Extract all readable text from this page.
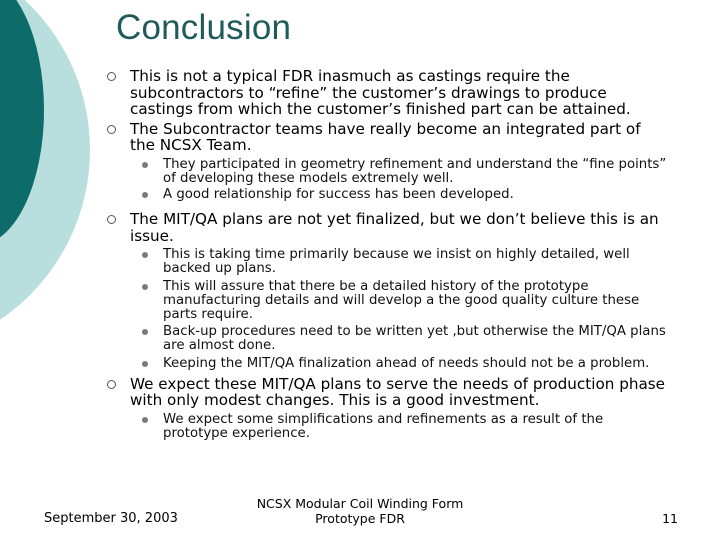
Conclusion
This is not a typical FDR inasmuch as castings require the subcontractors to “refine” the customer’s drawings to produce castings from which the customer’s finished part can be attained.
The Subcontractor teams have really become an integrated part of the NCSX Team.
They participated in geometry refinement and understand the “fine points” of developing these models extremely well.
A good relationship for success has been developed.
The MIT/QA plans are not yet finalized, but we don’t believe this is an issue.
This is taking time primarily because we insist on highly detailed, well backed up plans.
This will assure that there be a detailed history of the prototype manufacturing details and will develop a the good quality culture these parts require.
Back-up procedures need to be written yet ,but otherwise the MIT/QA plans are almost done.
Keeping the MIT/QA finalization ahead of needs should not be a problem.
We expect these MIT/QA plans to serve the needs of production phase with only modest changes. This is a good investment.
We expect some simplifications and refinements as a result of the prototype experience.
September 30, 2003
NCSX Modular Coil Winding Form
Prototype FDR	11
